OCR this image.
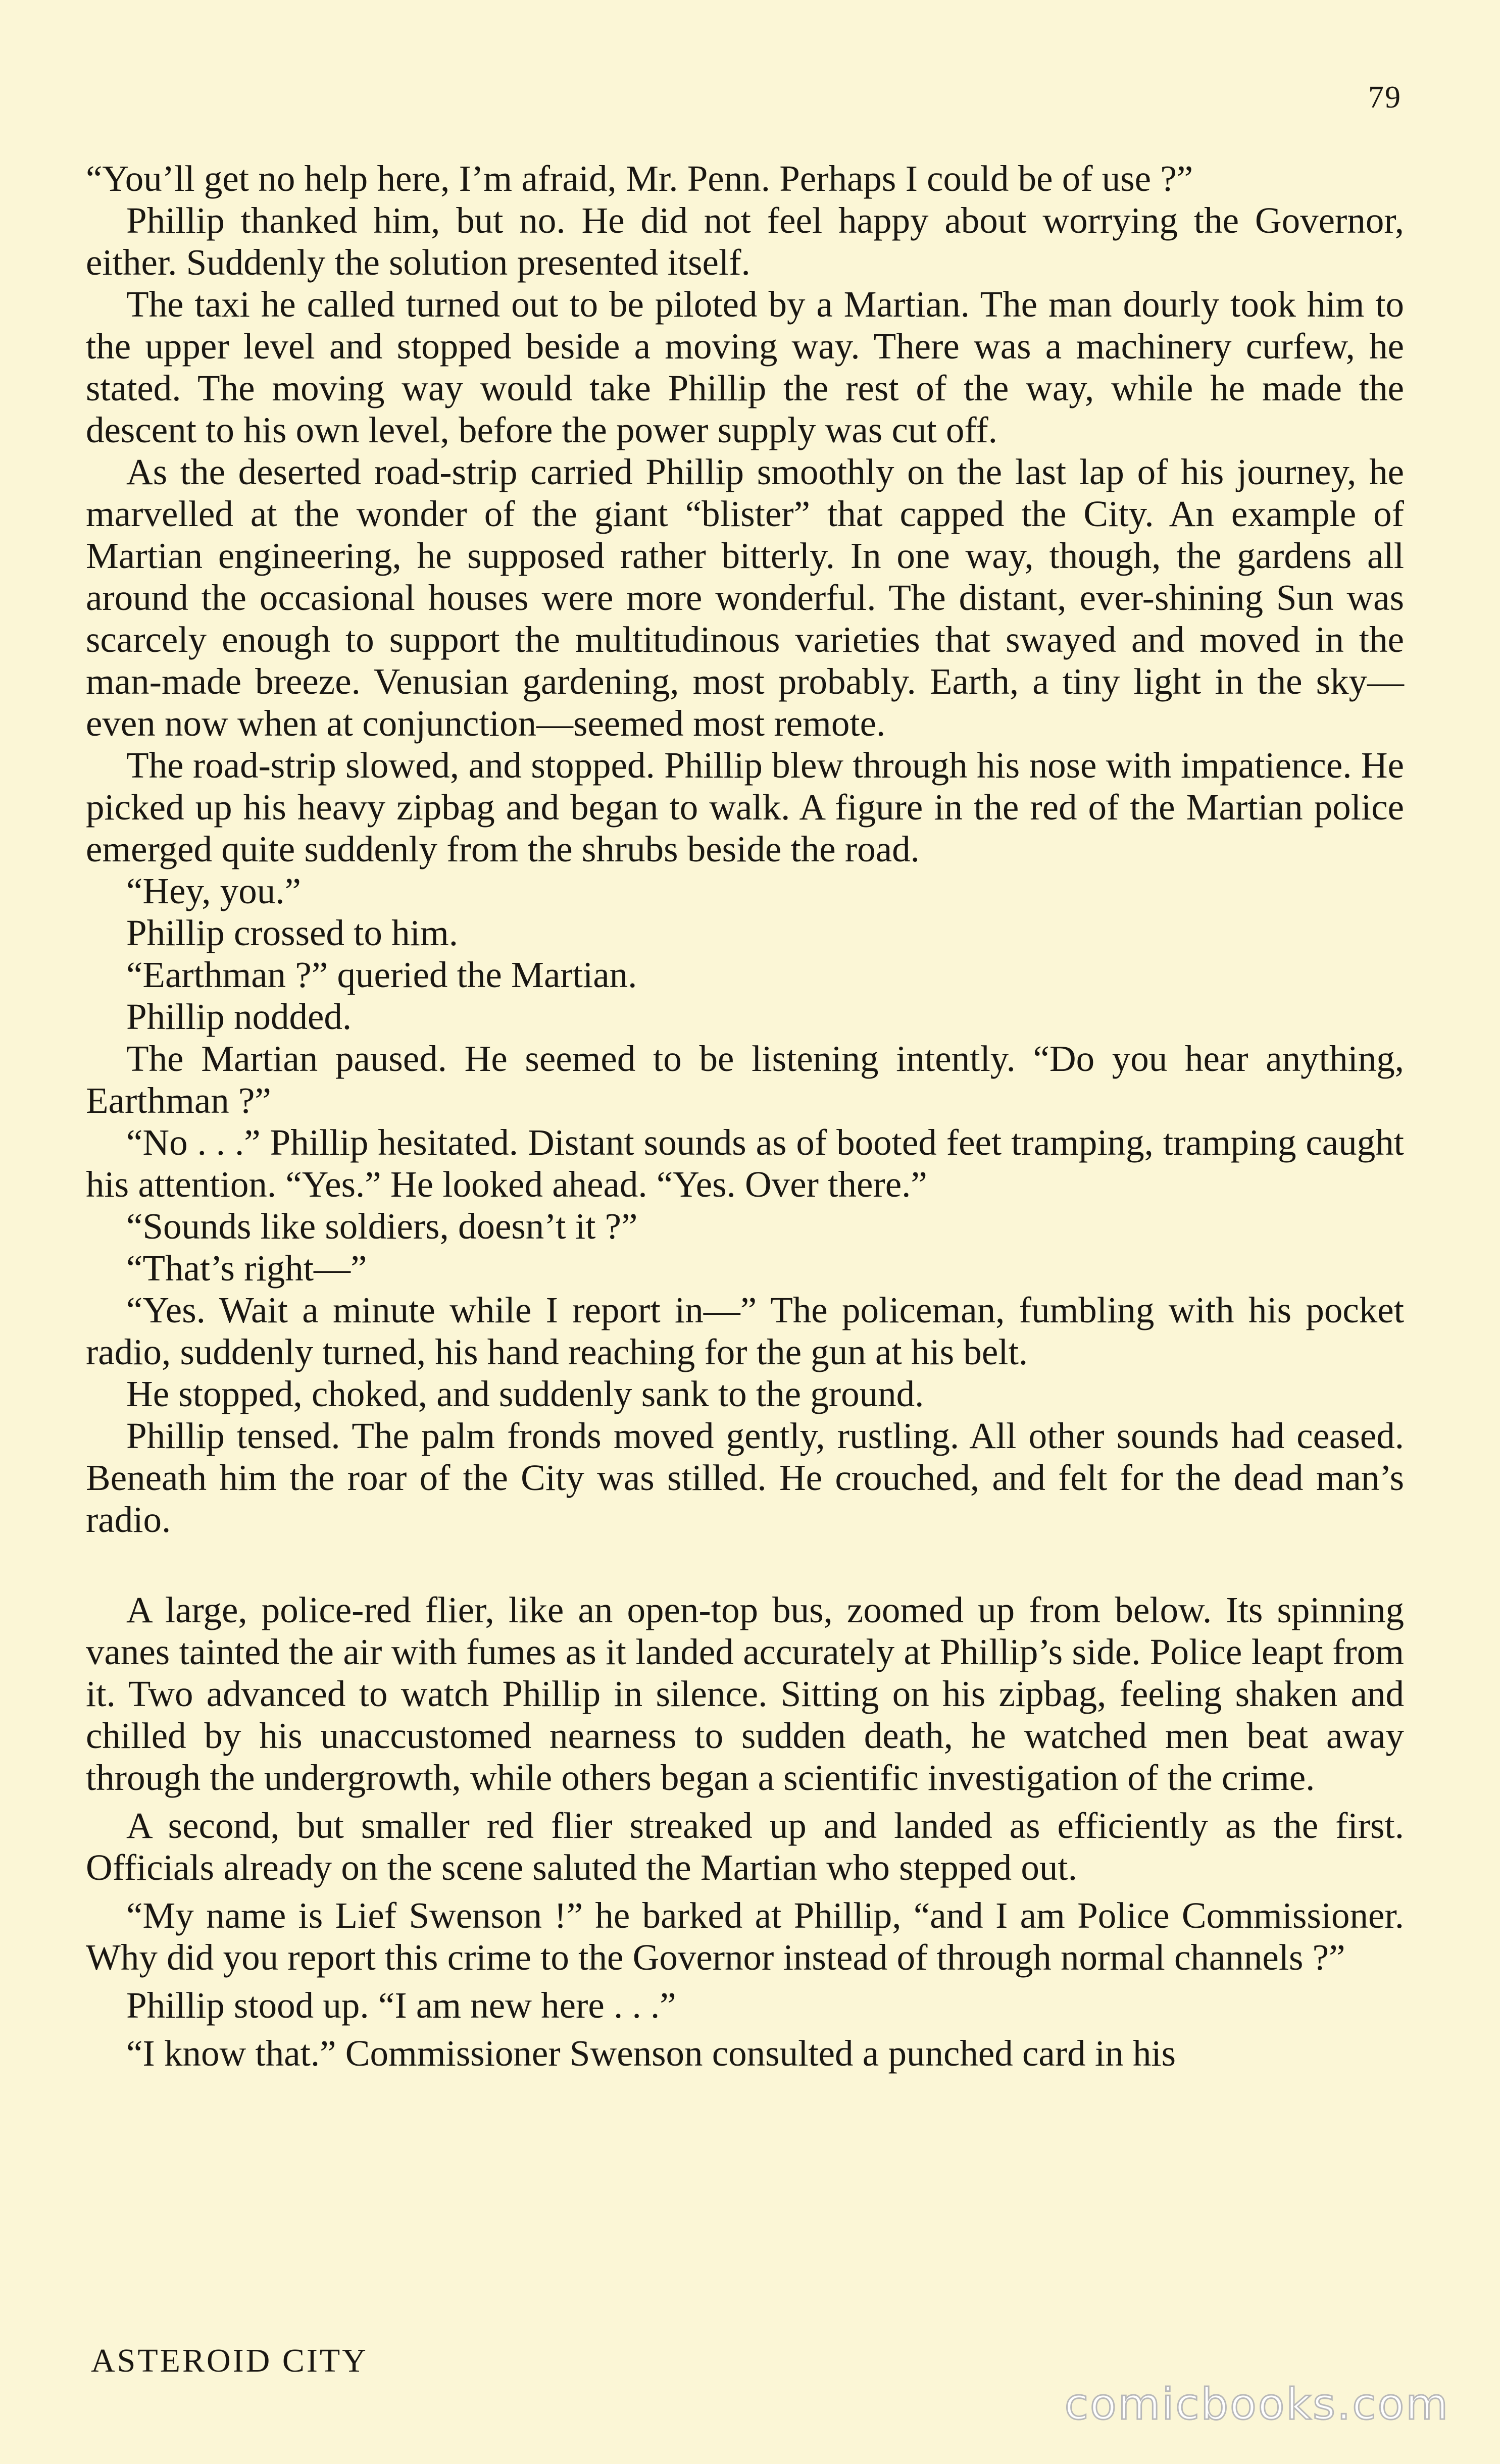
79

“You’ll get no help here, I’m afraid, Mr. Penn. Perhaps I could be of use ?”

Phillip thanked him, but no. He did not feel happy about worrying the Governor, either. Suddenly the solution presented itself.

The taxi he called turned out to be piloted by a Martian. The man dourly took him to the upper level and stopped beside a moving way. There was a machinery curfew, he stated. The moving way would take Phillip the rest of the way, while he made the descent to his own level, before the power supply was cut off.

As the deserted road-strip carried Phillip smoothly on the last lap of his journey, he marvelled at the wonder of the giant “blister” that capped the City. An example of Martian engineering, he supposed rather bitterly. In one way, though, the gardens all around the occasional houses were more wonderful. The distant, ever-shining Sun was scarcely enough to support the multitudinous varieties that swayed and moved in the man-made breeze. Venusian gardening, most probably. Earth, a tiny light in the sky—even now when at conjunction—seemed most remote.

The road-strip slowed, and stopped. Phillip blew through his nose with impatience. He picked up his heavy zipbag and began to walk. A figure in the red of the Martian police emerged quite suddenly from the shrubs beside the road.

“Hey, you.”

Phillip crossed to him.

“Earthman ?” queried the Martian.

Phillip nodded.

The Martian paused. He seemed to be listening intently. “Do you hear anything, Earthman ?”

“No . . .” Phillip hesitated. Distant sounds as of booted feet tramping, tramping caught his attention. “Yes.” He looked ahead. “Yes. Over there.”

“Sounds like soldiers, doesn’t it ?”

“That’s right—”

“Yes. Wait a minute while I report in—” The policeman, fumbling with his pocket radio, suddenly turned, his hand reaching for the gun at his belt.

He stopped, choked, and suddenly sank to the ground.

Phillip tensed. The palm fronds moved gently, rustling. All other sounds had ceased. Beneath him the roar of the City was stilled. He crouched, and felt for the dead man’s radio.

A large, police-red flier, like an open-top bus, zoomed up from below. Its spinning vanes tainted the air with fumes as it landed accurately at Phillip’s side. Police leapt from it. Two advanced to watch Phillip in silence. Sitting on his zipbag, feeling shaken and chilled by his unaccustomed nearness to sudden death, he watched men beat away through the undergrowth, while others began a scientific investigation of the crime.

A second, but smaller red flier streaked up and landed as efficiently as the first. Officials already on the scene saluted the Martian who stepped out.

“My name is Lief Swenson !” he barked at Phillip, “and I am Police Commissioner. Why did you report this crime to the Governor instead of through normal channels ?”

Phillip stood up. “I am new here . . .”

“I know that.” Commissioner Swenson consulted a punched card in his

ASTEROID CITY
comicbooks.com
